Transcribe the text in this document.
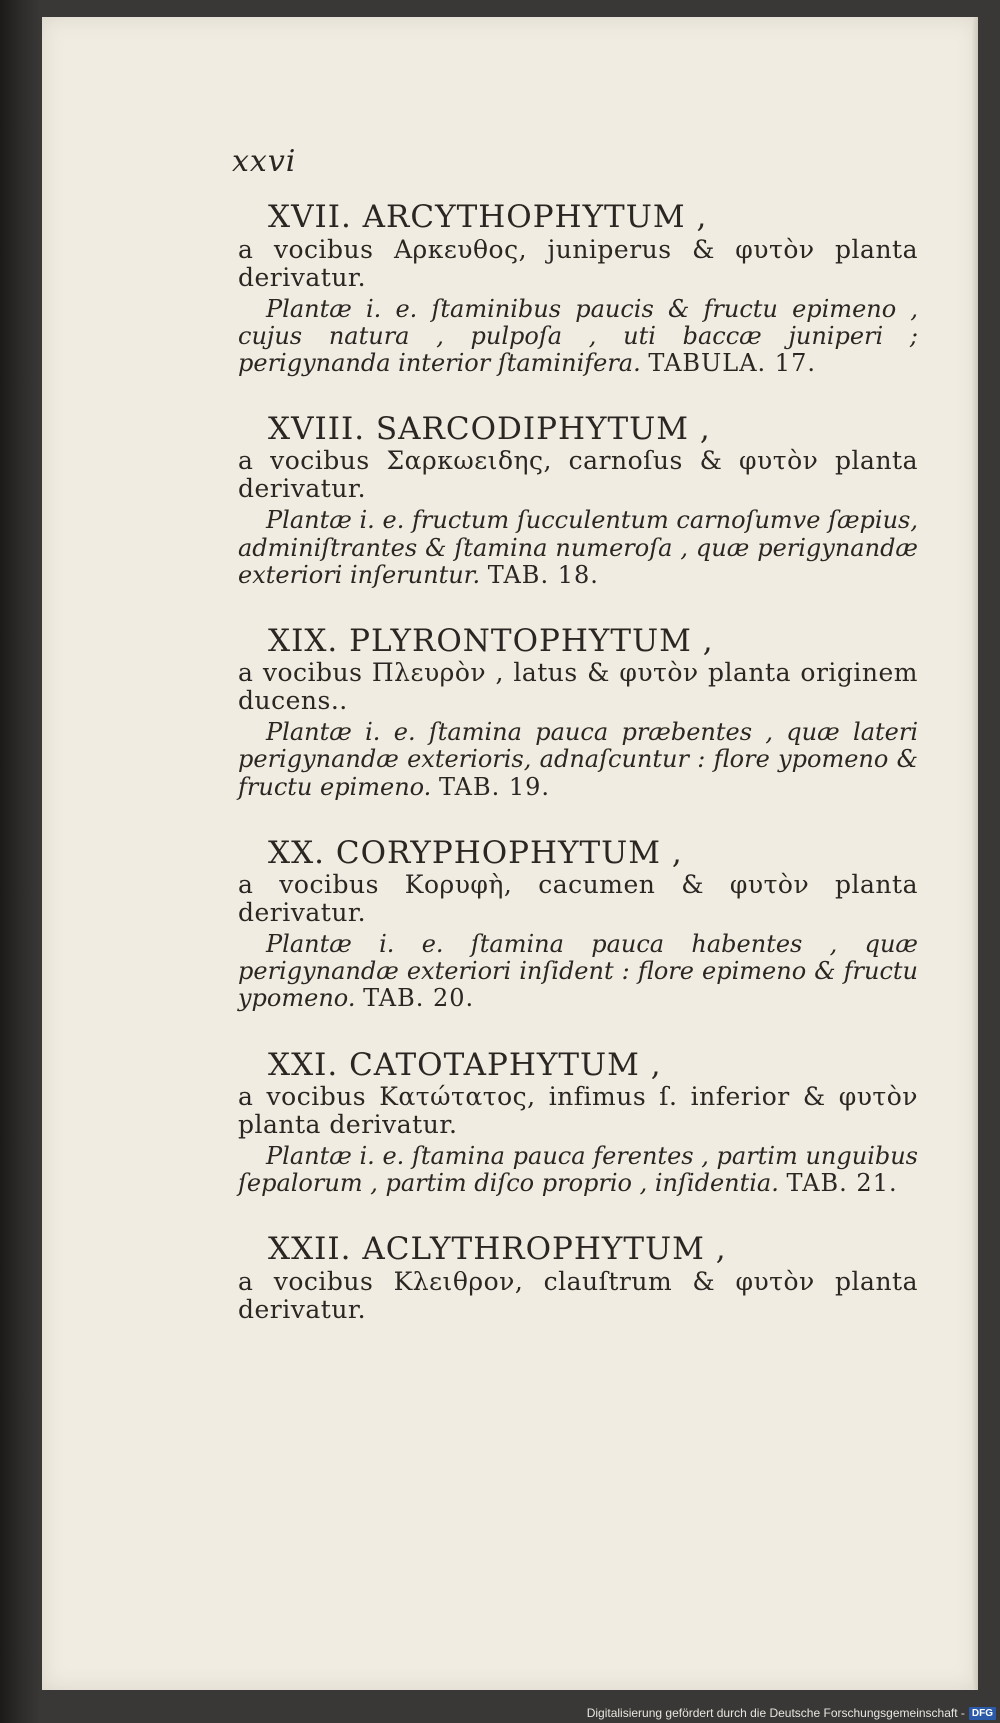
xxvi
XVII. ARCYTHOPHYTUM ,

a vocibus Αρκευθος, juniperus & φυτὸν planta derivatur.

Plantæ i. e. ſtaminibus paucis & fructu epimeno , cujus natura , pulpoſa , uti baccæ juniperi ; perigynanda interior ſtaminifera. TABULA. 17.

XVIII. SARCODIPHYTUM ,

a vocibus Σαρκωειδης, carnoſus & φυτὸν planta derivatur.

Plantæ i. e. fructum ſucculentum carnoſumve ſæpius, adminiſtrantes & ſtamina numeroſa , quæ perigynandæ exteriori inſeruntur. TAB. 18.

XIX. PLYRONTOPHYTUM ,

a vocibus Πλευρὸν , latus & φυτὸν planta originem ducens..

Plantæ i. e. ſtamina pauca præbentes , quæ lateri perigynandæ exterioris, adnaſcuntur : flore ypomeno & fructu epimeno. TAB. 19.

XX. CORYPHOPHYTUM ,

a vocibus Κορυφὴ, cacumen & φυτὸν planta derivatur.

Plantæ i. e. ſtamina pauca habentes , quæ perigynandæ exteriori inſident : flore epimeno & fructu ypomeno. TAB. 20.

XXI. CATOTAPHYTUM ,

a vocibus Κατώτατος, infimus ſ. inferior & φυτὸν planta derivatur.

Plantæ i. e. ſtamina pauca ferentes , partim unguibus ſepalorum , partim diſco proprio , inſidentia. TAB. 21.

XXII. ACLYTHROPHYTUM ,

a vocibus Κλειθρον, clauſtrum & φυτὸν planta derivatur.

Digitalisierung gefördert durch die Deutsche Forschungsgemeinschaft - DFG
